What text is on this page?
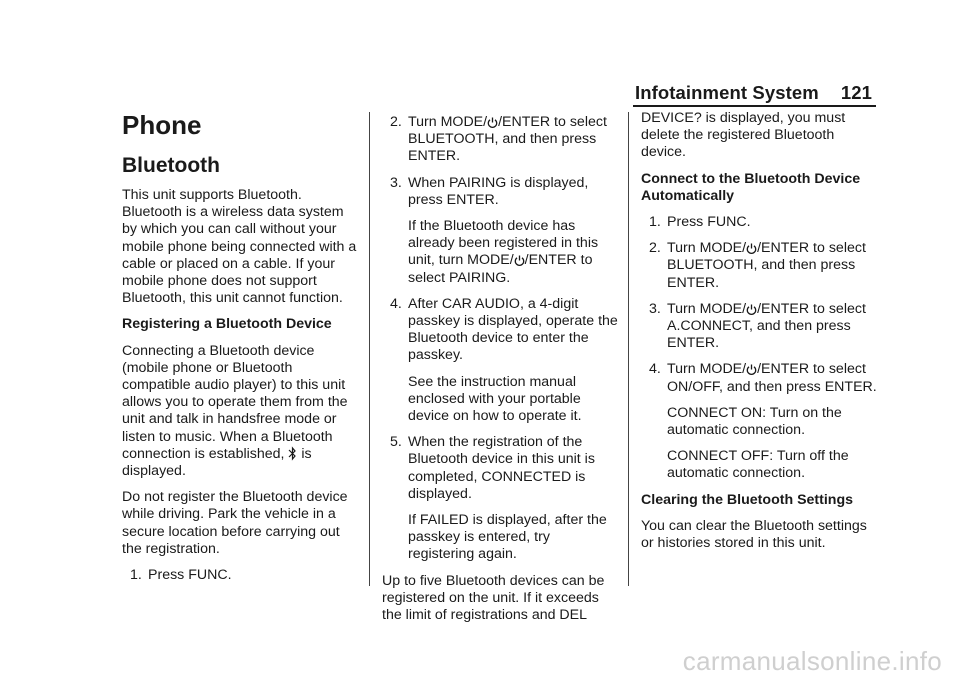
Infotainment System 121
Phone
Bluetooth

This unit supports Bluetooth. Bluetooth is a wireless data system by which you can call without your mobile phone being connected with a cable or placed on a cable. If your mobile phone does not support Bluetooth, this unit cannot function.

Registering a Bluetooth Device

Connecting a Bluetooth device (mobile phone or Bluetooth compatible audio player) to this unit allows you to operate them from the unit and talk in handsfree mode or listen to music. When a Bluetooth connection is established, is displayed.

Do not register the Bluetooth device while driving. Park the vehicle in a secure location before carrying out the registration.

1. Press FUNC.
2. Turn MODE/ /ENTER to select BLUETOOTH, and then press ENTER.
3. When PAIRING is displayed, press ENTER.

If the Bluetooth device has already been registered in this unit, turn MODE/ /ENTER to select PAIRING.

4. After CAR AUDIO, a 4-digit passkey is displayed, operate the Bluetooth device to enter the passkey.

See the instruction manual enclosed with your portable device on how to operate it.

5. When the registration of the Bluetooth device in this unit is completed, CONNECTED is displayed.

If FAILED is displayed, after the passkey is entered, try registering again.

Up to five Bluetooth devices can be registered on the unit. If it exceeds the limit of registrations and DEL

DEVICE? is displayed, you must delete the registered Bluetooth device.

Connect to the Bluetooth Device Automatically

1. Press FUNC.
2. Turn MODE/ /ENTER to select BLUETOOTH, and then press ENTER.
3. Turn MODE/ /ENTER to select A.CONNECT, and then press ENTER.
4. Turn MODE/ /ENTER to select ON/OFF, and then press ENTER.

CONNECT ON: Turn on the automatic connection.

CONNECT OFF: Turn off the automatic connection.

Clearing the Bluetooth Settings

You can clear the Bluetooth settings or histories stored in this unit.

carmanualsonline.info
